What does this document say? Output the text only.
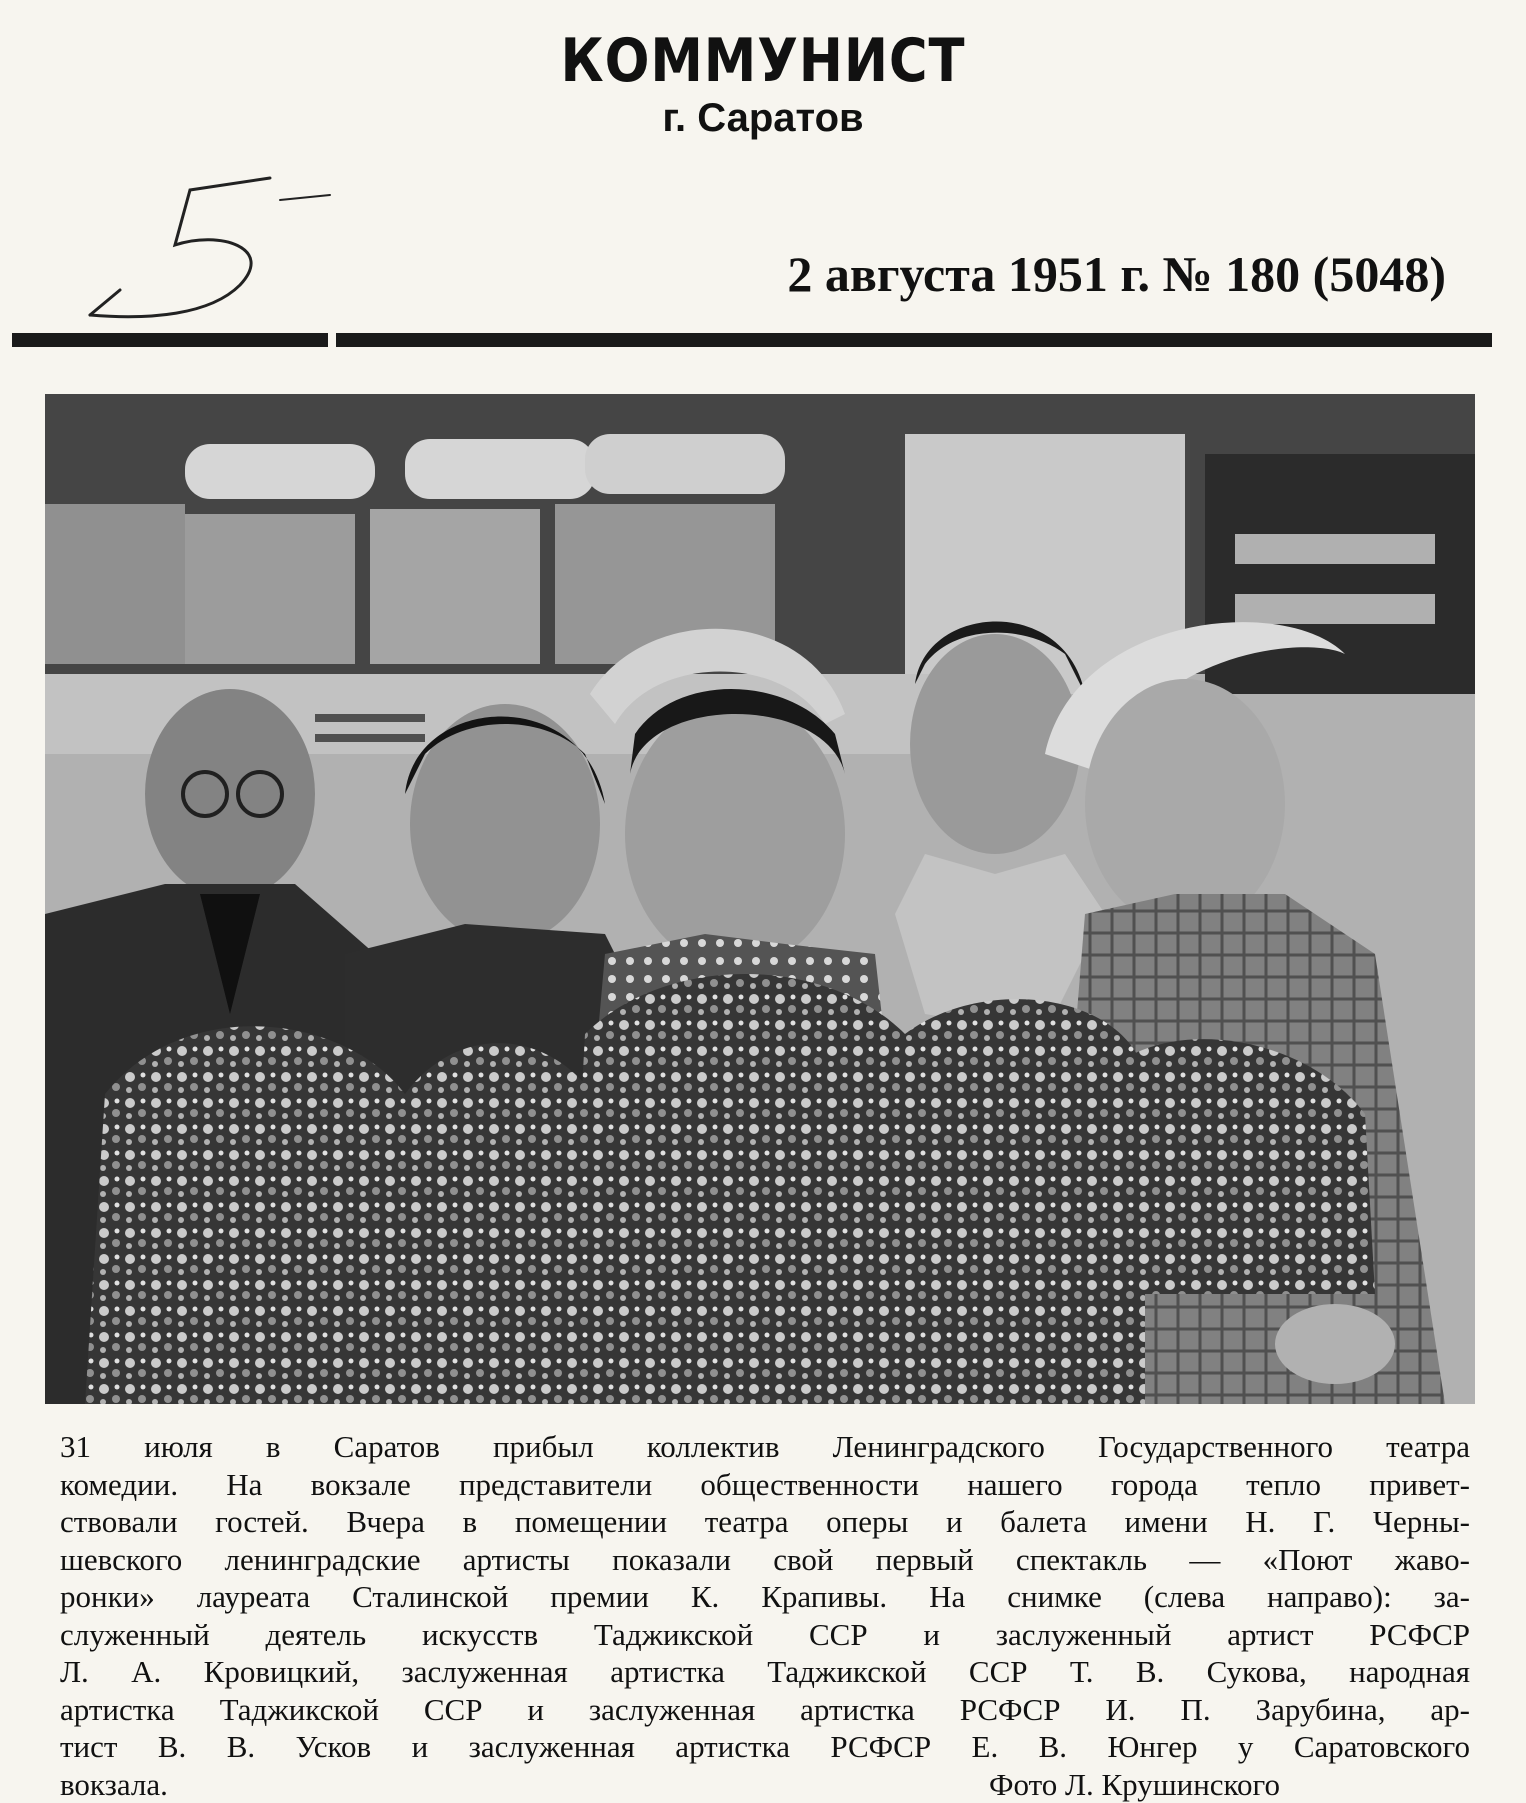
КОММУНИСТ
г. Саратов
2 августа 1951 г. № 180 (5048)
31 июля в Саратов прибыл коллектив Ленинградского Государственного театра
комедии. На вокзале представители общественности нашего города тепло привет-
ствовали гостей. Вчера в помещении театра оперы и балета имени Н. Г. Черны-
шевского ленинградские артисты показали свой первый спектакль — «Поют жаво-
ронки» лауреата Сталинской премии К. Крапивы. На снимке (слева направо): за-
служенный деятель искусств Таджикской ССР и заслуженный артист РСФСР
Л. А. Кровицкий, заслуженная артистка Таджикской ССР Т. В. Сукова, народная
артистка Таджикской ССР и заслуженная артистка РСФСР И. П. Зарубина, ар-
тист В. В. Усков и заслуженная артистка РСФСР Е. В. Юнгер у Саратовского
вокзала.	Фото Л. Крушинского
